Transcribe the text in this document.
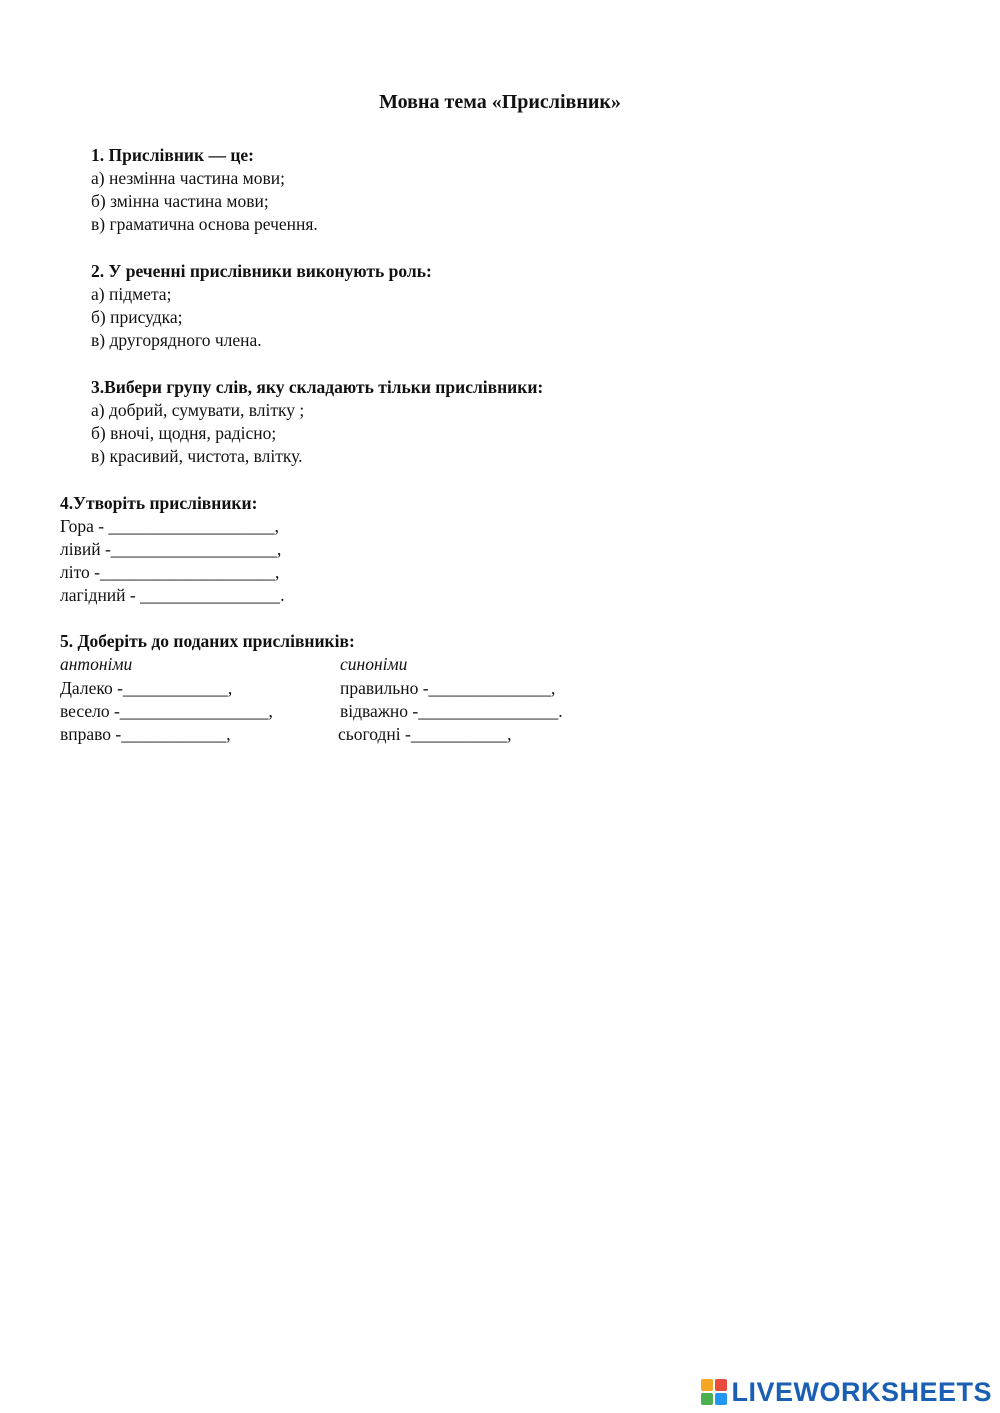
Мовна тема «Прислівник»
1. Прислівник — це:
а) незмінна частина мови;
б) змінна частина мови;
в) граматична основа речення.
2. У реченні прислівники виконують роль:
а) підмета;
б) присудка;
в) другорядного члена.
3.Вибери групу слів, яку складають тільки прислівники:
а) добрий, сумувати, влітку ;
б) вночі, щодня, радісно;
в) красивий, чистота, влітку.
4.Утворіть прислівники:
Гора - ___________________,
лівий -___________________,
літо -____________________,
лагідний - ________________.
5. Доберіть до поданих прислівників:
антоніми	синоніми
Далеко -____________,
весело -_________________,
вправо -____________,
правильно -______________,
відважно -________________.
сьогодні -___________,
LIVEWORKSHEETS
